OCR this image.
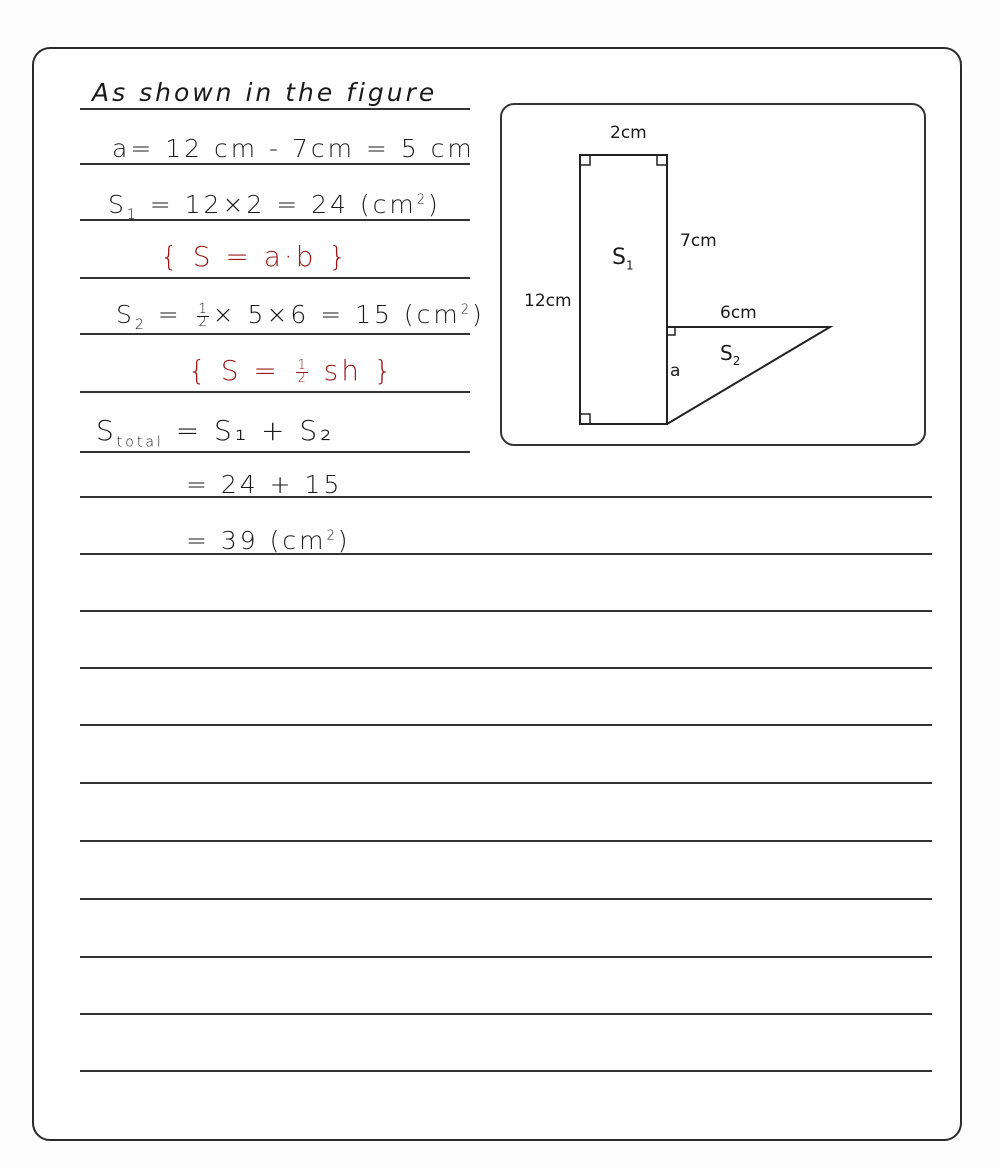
As shown in the figure
a= 12 cm - 7cm = 5 cm
$S_1 = 12\times 2 = 24$ $(cm^2)$
{ S = a·b }
$S_2 = \frac{1}{2} \times 5\times 6 = 15$ $(cm^2)$
{ $S = \frac{1}{2}$ sh }
$S_{total} = S_1 + S_2$
= 24 + 15
= 39 $(cm^2)$
2cm
7cm
$S_1$
12cm
6cm
$S_2$
a
